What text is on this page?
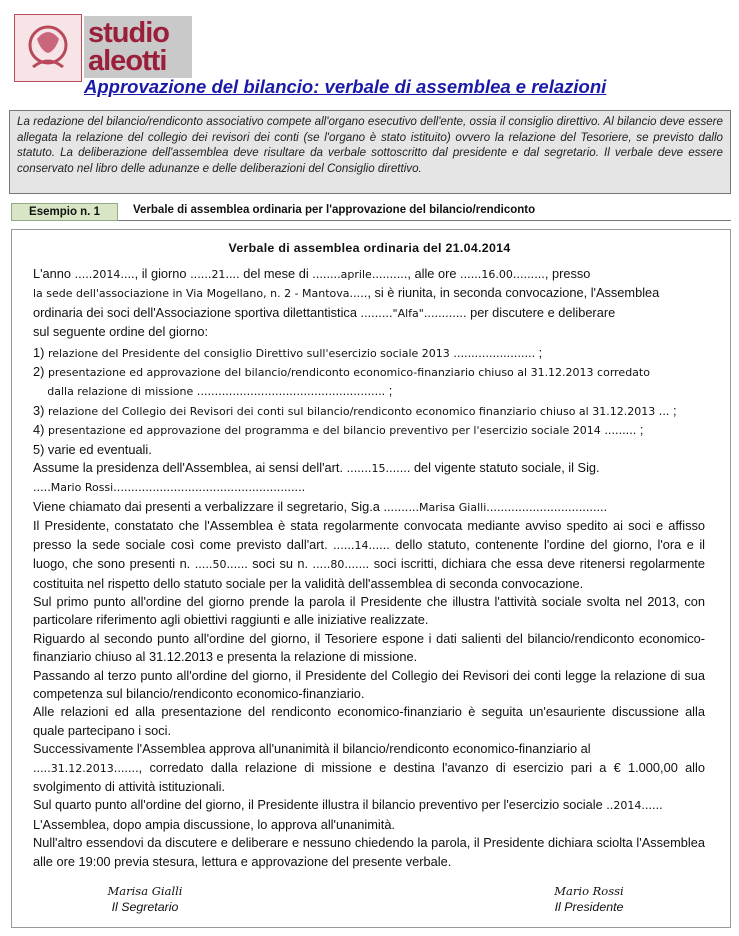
studio
aleotti
Approvazione del bilancio: verbale di assemblea e relazioni
La redazione del bilancio/rendiconto associativo compete all'organo esecutivo dell'ente, ossia il consiglio direttivo. Al bilancio deve essere allegata la relazione del collegio dei revisori dei conti (se l'organo è stato istituito) ovvero la relazione del Tesoriere, se previsto dallo statuto. La deliberazione dell'assemblea deve risultare da verbale sottoscritto dal presidente e dal segretario. Il verbale deve essere conservato nel libro delle adunanze e delle deliberazioni del Consiglio direttivo.
Esempio n. 1	Verbale di assemblea ordinaria per l'approvazione del bilancio/rendiconto
Verbale di assemblea ordinaria del 21.04.2014

L'anno .....2014...., il giorno ......21.... del mese di ........aprile.........., alle ore ......16.00........., presso
la sede dell'associazione in Via Mogellano, n. 2 - Mantova....., si è riunita, in seconda convocazione, l'Assemblea
ordinaria dei soci dell'Associazione sportiva dilettantistica ........."Alfa"............ per discutere e deliberare
sul seguente ordine del giorno:

1) relazione del Presidente del consiglio Direttivo sull'esercizio sociale 2013 ....................... ;

2) presentazione ed approvazione del bilancio/rendiconto economico-finanziario chiuso al 31.12.2013 corredato
dalla relazione di missione ..................................................... ;

3) relazione del Collegio dei Revisori dei conti sul bilancio/rendiconto economico finanziario chiuso al 31.12.2013 ... ;

4) presentazione ed approvazione del programma e del bilancio preventivo per l'esercizio sociale 2014 ......... ;

5) varie ed eventuali.

Assume la presidenza dell'Assemblea, ai sensi dell'art. .......15....... del vigente statuto sociale, il Sig.
.....Mario Rossi......................................................

Viene chiamato dai presenti a verbalizzare il segretario, Sig.a ..........Marisa Gialli..................................

Il Presidente, constatato che l'Assemblea è stata regolarmente convocata mediante avviso spedito ai soci e affisso presso la sede sociale così come previsto dall'art. ......14...... dello statuto, contenente l'ordine del giorno, l'ora e il luogo, che sono presenti n. .....50...... soci su n. .....80....... soci iscritti, dichiara che essa deve ritenersi regolarmente costituita nel rispetto dello statuto sociale per la validità dell'assemblea di seconda convocazione.

Sul primo punto all'ordine del giorno prende la parola il Presidente che illustra l'attività sociale svolta nel 2013, con particolare riferimento agli obiettivi raggiunti e alle iniziative realizzate.

Riguardo al secondo punto all'ordine del giorno, il Tesoriere espone i dati salienti del bilancio/rendiconto economico-finanziario chiuso al 31.12.2013 e presenta la relazione di missione.

Passando al terzo punto all'ordine del giorno, il Presidente del Collegio dei Revisori dei conti legge la relazione di sua competenza sul bilancio/rendiconto economico-finanziario.

Alle relazioni ed alla presentazione del rendiconto economico-finanziario è seguita un'esauriente discussione alla quale partecipano i soci.

Successivamente l'Assemblea approva all'unanimità il bilancio/rendiconto economico-finanziario al
.....31.12.2013......., corredato dalla relazione di missione e destina l'avanzo di esercizio pari a € 1.000,00 allo svolgimento di attività istituzionali.

Sul quarto punto all'ordine del giorno, il Presidente illustra il bilancio preventivo per l'esercizio sociale ..2014......

L'Assemblea, dopo ampia discussione, lo approva all'unanimità.

Null'altro essendovi da discutere e deliberare e nessuno chiedendo la parola, il Presidente dichiara sciolta l'Assemblea alle ore 19:00 previa stesura, lettura e approvazione del presente verbale.

Marisa Gialli
Il Segretario
Mario Rossi
Il Presidente
